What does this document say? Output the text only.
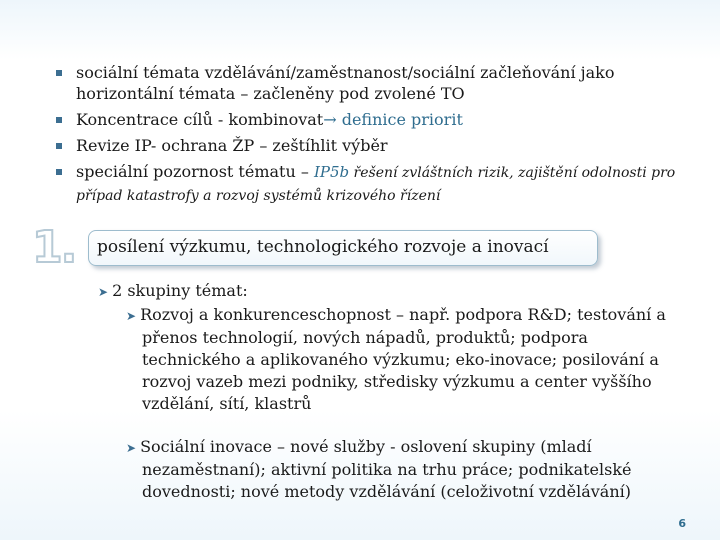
sociální témata vzdělávání/zaměstnanost/sociální začleňování jako horizontální témata – začleněny pod zvolené TO
Koncentrace cílů - kombinovat→ definice priorit
Revize IP- ochrana ŽP – zeštíhlit výběr
speciální pozornost tématu – IP5b řešení zvláštních rizik, zajištění odolnosti pro případ katastrofy a rozvoj systémů krizového řízení
1. posílení výzkumu, technologického rozvoje a inovací
➤ 2 skupiny témat:
➤ Rozvoj a konkurenceschopnost – např. podpora R&D; testování a přenos technologií, nových nápadů, produktů; podpora technického a aplikovaného výzkumu; eko-inovace; posilování a rozvoj vazeb mezi podniky, středisky výzkumu a center vyššího vzdělání, sítí, klastrů
➤ Sociální inovace – nové služby - oslovení skupiny (mladí nezaměstnaní); aktivní politika na trhu práce; podnikatelské dovednosti; nové metody vzdělávání (celoživotní vzdělávání)
6
